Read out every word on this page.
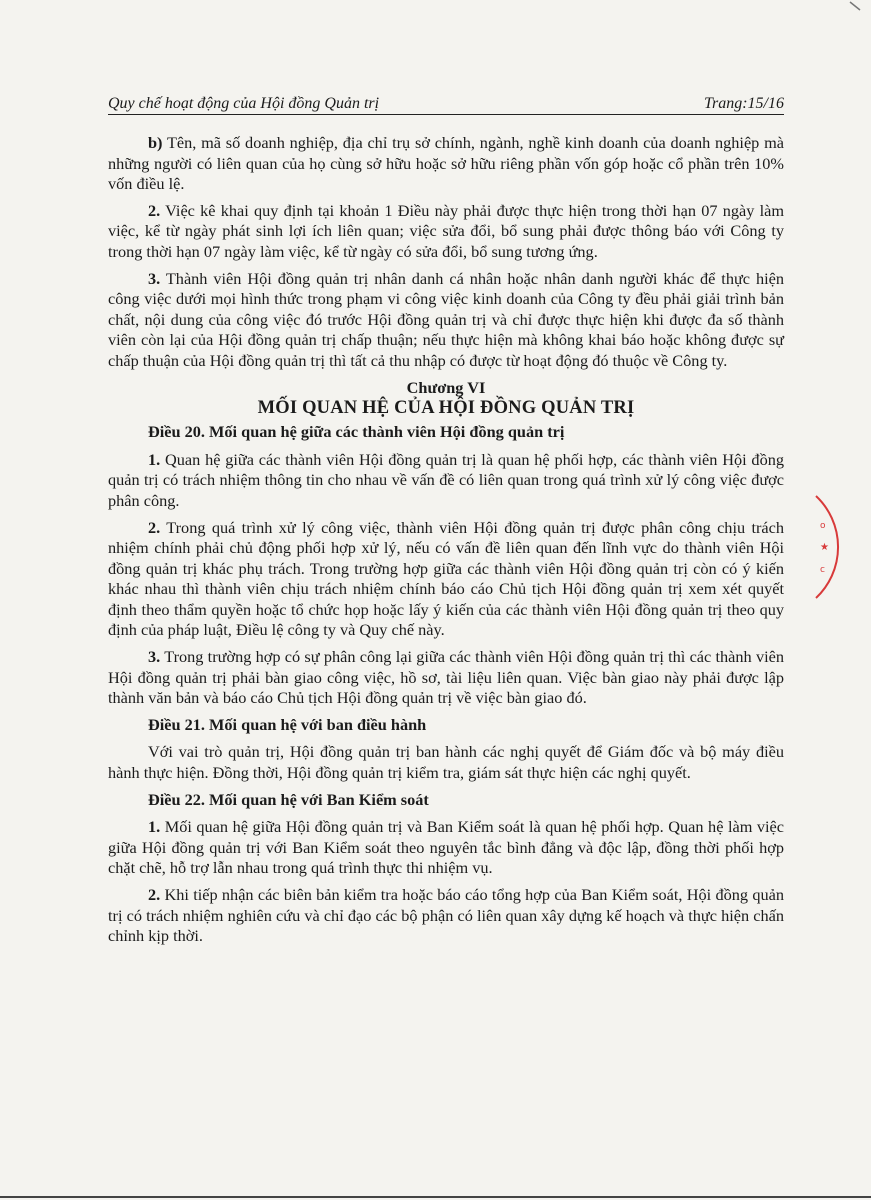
Quy chế hoạt động của Hội đồng Quản trị	Trang:15/16

b) Tên, mã số doanh nghiệp, địa chỉ trụ sở chính, ngành, nghề kinh doanh của doanh nghiệp mà những người có liên quan của họ cùng sở hữu hoặc sở hữu riêng phần vốn góp hoặc cổ phần trên 10% vốn điều lệ.

2. Việc kê khai quy định tại khoản 1 Điều này phải được thực hiện trong thời hạn 07 ngày làm việc, kể từ ngày phát sinh lợi ích liên quan; việc sửa đổi, bổ sung phải được thông báo với Công ty trong thời hạn 07 ngày làm việc, kể từ ngày có sửa đổi, bổ sung tương ứng.

3. Thành viên Hội đồng quản trị nhân danh cá nhân hoặc nhân danh người khác để thực hiện công việc dưới mọi hình thức trong phạm vi công việc kinh doanh của Công ty đều phải giải trình bản chất, nội dung của công việc đó trước Hội đồng quản trị và chỉ được thực hiện khi được đa số thành viên còn lại của Hội đồng quản trị chấp thuận; nếu thực hiện mà không khai báo hoặc không được sự chấp thuận của Hội đồng quản trị thì tất cả thu nhập có được từ hoạt động đó thuộc về Công ty.

Chương VI
MỐI QUAN HỆ CỦA HỘI ĐỒNG QUẢN TRỊ
Điều 20. Mối quan hệ giữa các thành viên Hội đồng quản trị

1. Quan hệ giữa các thành viên Hội đồng quản trị là quan hệ phối hợp, các thành viên Hội đồng quản trị có trách nhiệm thông tin cho nhau về vấn đề có liên quan trong quá trình xử lý công việc được phân công.

2. Trong quá trình xử lý công việc, thành viên Hội đồng quản trị được phân công chịu trách nhiệm chính phải chủ động phối hợp xử lý, nếu có vấn đề liên quan đến lĩnh vực do thành viên Hội đồng quản trị khác phụ trách. Trong trường hợp giữa các thành viên Hội đồng quản trị còn có ý kiến khác nhau thì thành viên chịu trách nhiệm chính báo cáo Chủ tịch Hội đồng quản trị xem xét quyết định theo thẩm quyền hoặc tổ chức họp hoặc lấy ý kiến của các thành viên Hội đồng quản trị theo quy định của pháp luật, Điều lệ công ty và Quy chế này.

3. Trong trường hợp có sự phân công lại giữa các thành viên Hội đồng quản trị thì các thành viên Hội đồng quản trị phải bàn giao công việc, hồ sơ, tài liệu liên quan. Việc bàn giao này phải được lập thành văn bản và báo cáo Chủ tịch Hội đồng quản trị về việc bàn giao đó.

Điều 21. Mối quan hệ với ban điều hành

Với vai trò quản trị, Hội đồng quản trị ban hành các nghị quyết để Giám đốc và bộ máy điều hành thực hiện. Đồng thời, Hội đồng quản trị kiểm tra, giám sát thực hiện các nghị quyết.

Điều 22. Mối quan hệ với Ban Kiểm soát

1. Mối quan hệ giữa Hội đồng quản trị và Ban Kiểm soát là quan hệ phối hợp. Quan hệ làm việc giữa Hội đồng quản trị với Ban Kiểm soát theo nguyên tắc bình đẳng và độc lập, đồng thời phối hợp chặt chẽ, hỗ trợ lẫn nhau trong quá trình thực thi nhiệm vụ.

2. Khi tiếp nhận các biên bản kiểm tra hoặc báo cáo tổng hợp của Ban Kiểm soát, Hội đồng quản trị có trách nhiệm nghiên cứu và chỉ đạo các bộ phận có liên quan xây dựng kế hoạch và thực hiện chấn chỉnh kịp thời.

o
★
c
